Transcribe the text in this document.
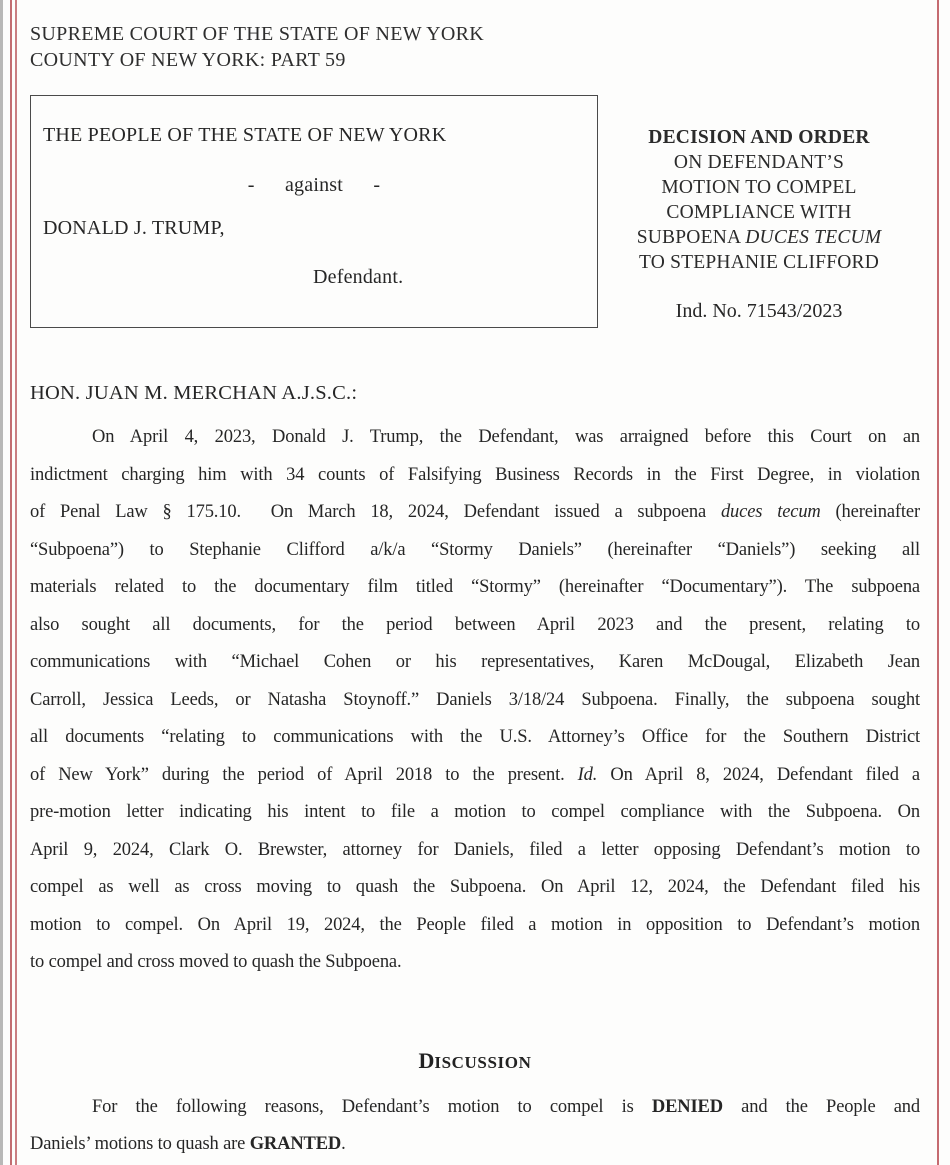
SUPREME COURT OF THE STATE OF NEW YORK
COUNTY OF NEW YORK: PART 59
THE PEOPLE OF THE STATE OF NEW YORK
-  against  -
DONALD J. TRUMP,
Defendant.
DECISION AND ORDER
ON DEFENDANT’S
MOTION TO COMPEL
COMPLIANCE WITH
SUBPOENA DUCES TECUM
TO STEPHANIE CLIFFORD
Ind. No. 71543/2023
HON. JUAN M. MERCHAN A.J.S.C.:
On April 4, 2023, Donald J. Trump, the Defendant, was arraigned before this Court on an
indictment charging him with 34 counts of Falsifying Business Records in the First Degree, in violation
of Penal Law § 175.10.  On March 18, 2024, Defendant issued a subpoena duces tecum (hereinafter
“Subpoena”) to Stephanie Clifford a/k/a “Stormy Daniels” (hereinafter “Daniels”) seeking all
materials related to the documentary film titled “Stormy” (hereinafter “Documentary”). The subpoena
also sought all documents, for the period between April 2023 and the present, relating to
communications with “Michael Cohen or his representatives, Karen McDougal, Elizabeth Jean
Carroll, Jessica Leeds, or Natasha Stoynoff.” Daniels 3/18/24 Subpoena. Finally, the subpoena sought
all documents “relating to communications with the U.S. Attorney’s Office for the Southern District
of New York” during the period of April 2018 to the present. Id. On April 8, 2024, Defendant filed a
pre-motion letter indicating his intent to file a motion to compel compliance with the Subpoena. On
April 9, 2024, Clark O. Brewster, attorney for Daniels, filed a letter opposing Defendant’s motion to
compel as well as cross moving to quash the Subpoena. On April 12, 2024, the Defendant filed his
motion to compel. On April 19, 2024, the People filed a motion in opposition to Defendant’s motion
to compel and cross moved to quash the Subpoena.
DISCUSSION
For the following reasons, Defendant’s motion to compel is DENIED and the People and
Daniels’ motions to quash are GRANTED.
